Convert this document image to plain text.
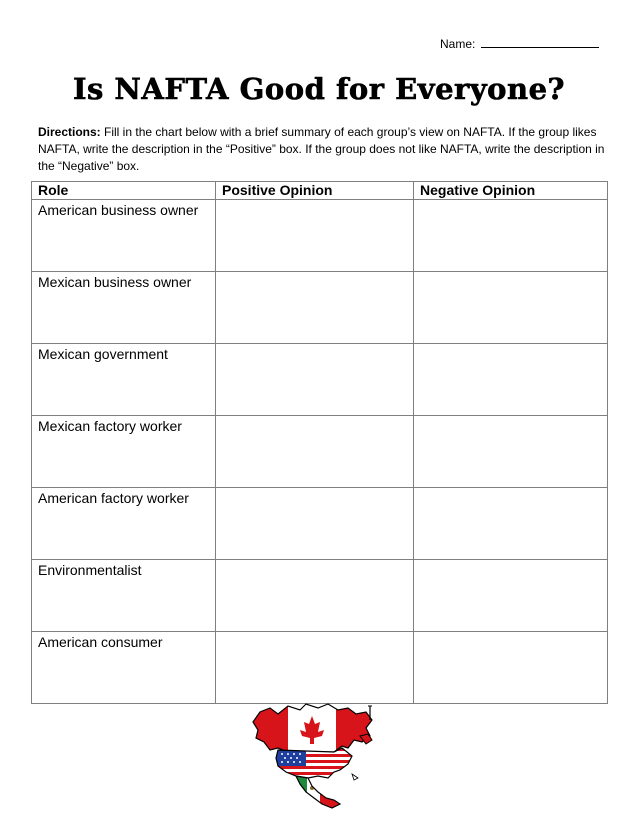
Name:
Is NAFTA Good for Everyone?
Directions: Fill in the chart below with a brief summary of each group’s view on NAFTA. If the group likes NAFTA, write the description in the “Positive” box. If the group does not like NAFTA, write the description in the “Negative” box.
Role	Positive Opinion	Negative Opinion
American business owner		
Mexican business owner		
Mexican government		
Mexican factory worker		
American factory worker		
Environmentalist		
American consumer		
